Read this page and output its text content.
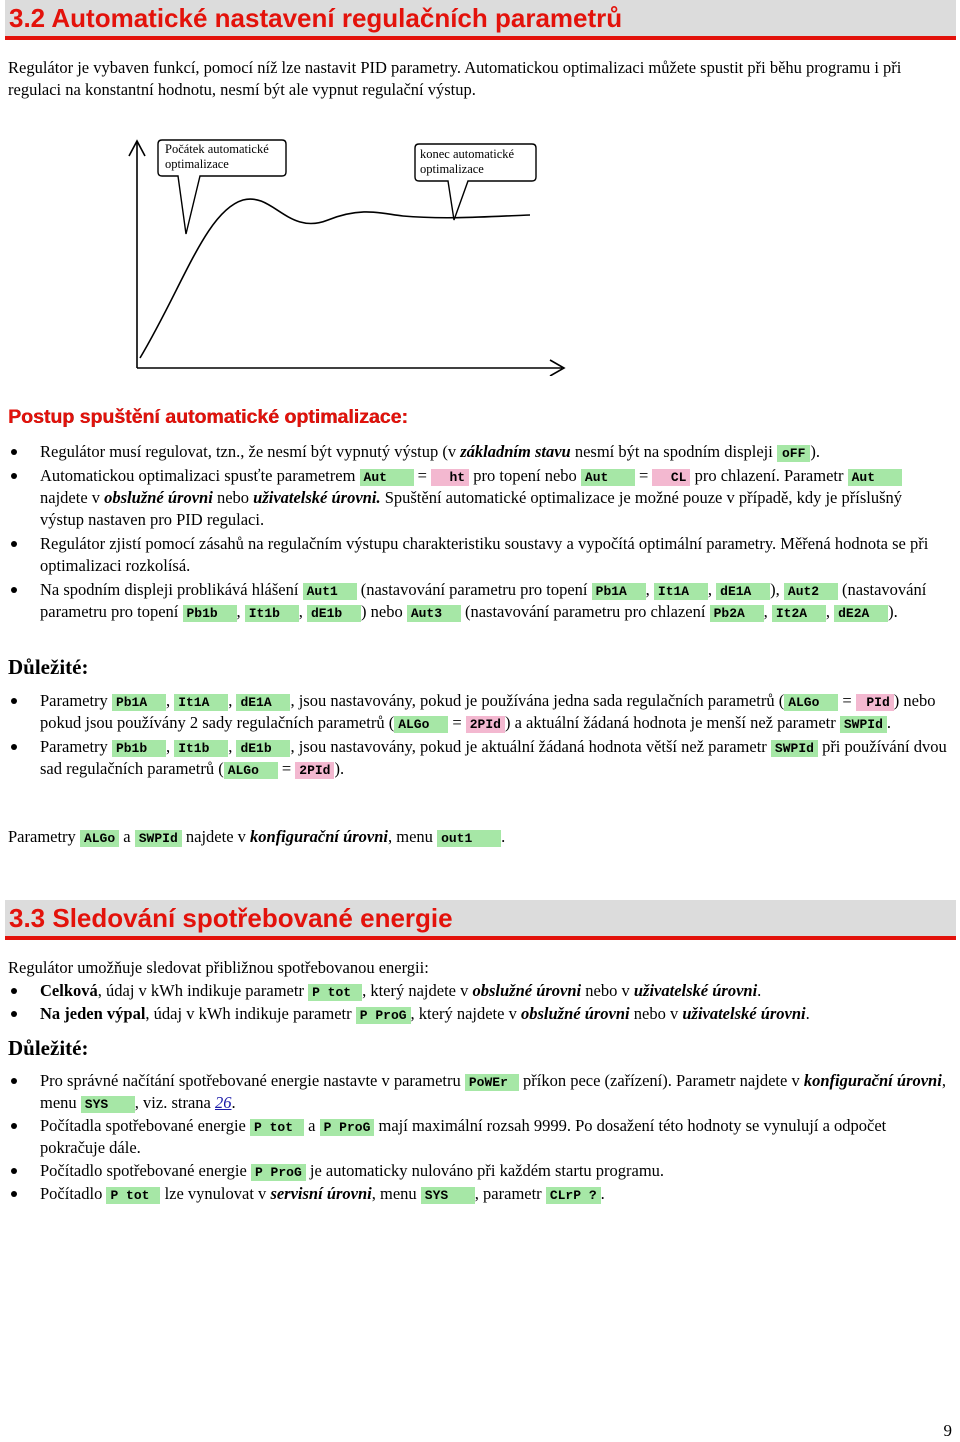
3.2 Automatické nastavení regulačních parametrů
Regulátor je vybaven funkcí, pomocí níž lze nastavit PID parametry. Automatickou optimalizaci můžete spustit při běhu programu i při regulaci na konstantní hodnotu, nesmí být ale vypnut regulační výstup.
Počátek automatické
optimalizace
konec automatické
optimalizace
Postup spuštění automatické optimalizace:
Regulátor musí regulovat, tzn., že nesmí být vypnutý výstup (v základním stavu nesmí být na spodním displeji oFF ).
Automatickou optimalizaci spusťte parametrem Aut = ht pro topení nebo Aut = CL pro chlazení. Parametr Aut najdete v obslužné úrovni nebo uživatelské úrovni. Spuštění automatické optimalizace je možné pouze v případě, kdy je příslušný výstup nastaven pro PID regulaci.
Regulátor zjistí pomocí zásahů na regulačním výstupu charakteristiku soustavy a vypočítá optimální parametry. Měřená hodnota se při optimalizaci rozkolísá.
Na spodním displeji problikává hlášení Aut1 (nastavování parametru pro topení Pb1A , It1A , dE1A ), Aut2 (nastavování parametru pro topení Pb1b , It1b , dE1b ) nebo Aut3 (nastavování parametru pro chlazení Pb2A , It2A , dE2A ).
Důležité:
Parametry Pb1A , It1A , dE1A , jsou nastavovány, pokud je používána jedna sada regulačních parametrů ( ALGo = PId ) nebo pokud jsou používány 2 sady regulačních parametrů ( ALGo = 2PId ) a aktuální žádaná hodnota je menší než parametr SWPId .
Parametry Pb1b , It1b , dE1b , jsou nastavovány, pokud je aktuální žádaná hodnota větší než parametr SWPId při používání dvou sad regulačních parametrů ( ALGo = 2PId ).
Parametry ALGo a SWPId najdete v konfigurační úrovni, menu out1 .
3.3 Sledování spotřebované energie
Regulátor umožňuje sledovat přibližnou spotřebovanou energii:
Celková, údaj v kWh indikuje parametr P tot , který najdete v obslužné úrovni nebo v uživatelské úrovni.
Na jeden výpal, údaj v kWh indikuje parametr P ProG , který najdete v obslužné úrovni nebo v uživatelské úrovni.
Důležité:
Pro správné načítání spotřebované energie nastavte v parametru PoWEr příkon pece (zařízení). Parametr najdete v konfigurační úrovni, menu SYS , viz. strana 26.
Počítadla spotřebované energie P tot a P ProG mají maximální rozsah 9999. Po dosažení této hodnoty se vynulují a odpočet pokračuje dále.
Počítadlo spotřebované energie P ProG je automaticky nulováno při každém startu programu.
Počítadlo P tot lze vynulovat v servisní úrovni, menu SYS , parametr CLrP ? .
9
